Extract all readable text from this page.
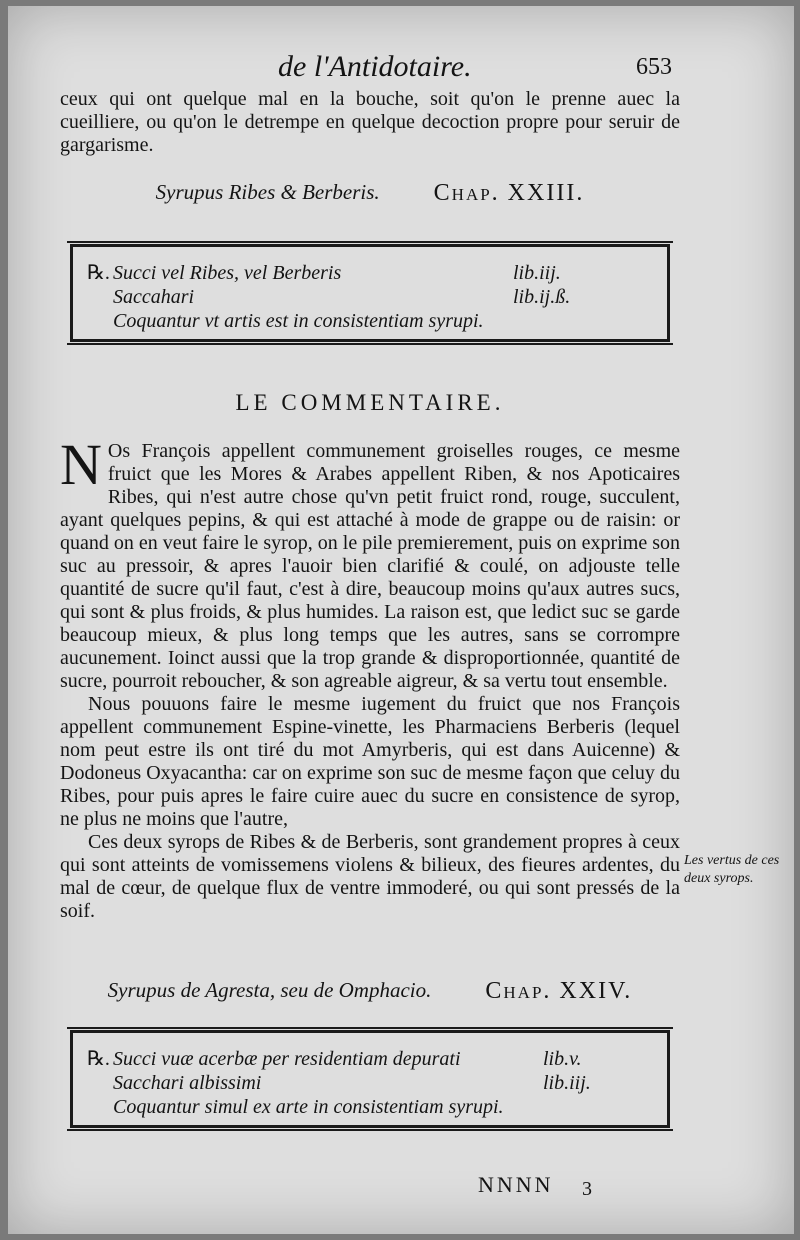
de l'Antidotaire.	653

ceux qui ont quelque mal en la bouche, soit qu'on le prenne auec la cueilliere, ou qu'on le detrempe en quelque decoction propre pour seruir de gargarisme.

Syrupus Ribes & Berberis. Chap. XXIII.
℞. Succi vel Ribes, vel Berberis	lib.iij.
Saccahari	lib.ij.ß.
Coquantur vt artis est in consistentiam syrupi.
LE COMMENTAIRE.

N Os François appellent communement groiselles rouges, ce mesme fruict que les Mores & Arabes appellent Riben, & nos Apoticaires Ribes, qui n'est autre chose qu'vn petit fruict rond, rouge, succulent, ayant quelques pepins, & qui est attaché à mode de grappe ou de raisin: or quand on en veut faire le syrop, on le pile premierement, puis on exprime son suc au pressoir, & apres l'auoir bien clarifié & coulé, on adjouste telle quantité de sucre qu'il faut, c'est à dire, beaucoup moins qu'aux autres sucs, qui sont & plus froids, & plus humides. La raison est, que ledict suc se garde beaucoup mieux, & plus long temps que les autres, sans se corrompre aucunement. Ioinct aussi que la trop grande & disproportionnée, quantité de sucre, pourroit reboucher, & son agreable aigreur, & sa vertu tout ensemble.

Nous pouuons faire le mesme iugement du fruict que nos François appellent communement Espine-vinette, les Pharmaciens Berberis (lequel nom peut estre ils ont tiré du mot Amyrberis, qui est dans Auicenne) & Dodoneus Oxyacantha: car on exprime son suc de mesme façon que celuy du Ribes, pour puis apres le faire cuire auec du sucre en consistence de syrop, ne plus ne moins que l'autre,

Ces deux syrops de Ribes & de Berberis, sont grandement propres à ceux qui sont atteints de vomissemens violens & bilieux, des fieures ardentes, du mal de cœur, de quelque flux de ventre immoderé, ou qui sont pressés de la soif.

Les vertus de ces deux syrops.
Syrupus de Agresta, seu de Omphacio. Chap. XXIV.
℞. Succi vuæ acerbæ per residentiam depurati	lib.v.
Sacchari albissimi	lib.iij.
Coquantur simul ex arte in consistentiam syrupi.
NNNN 3
